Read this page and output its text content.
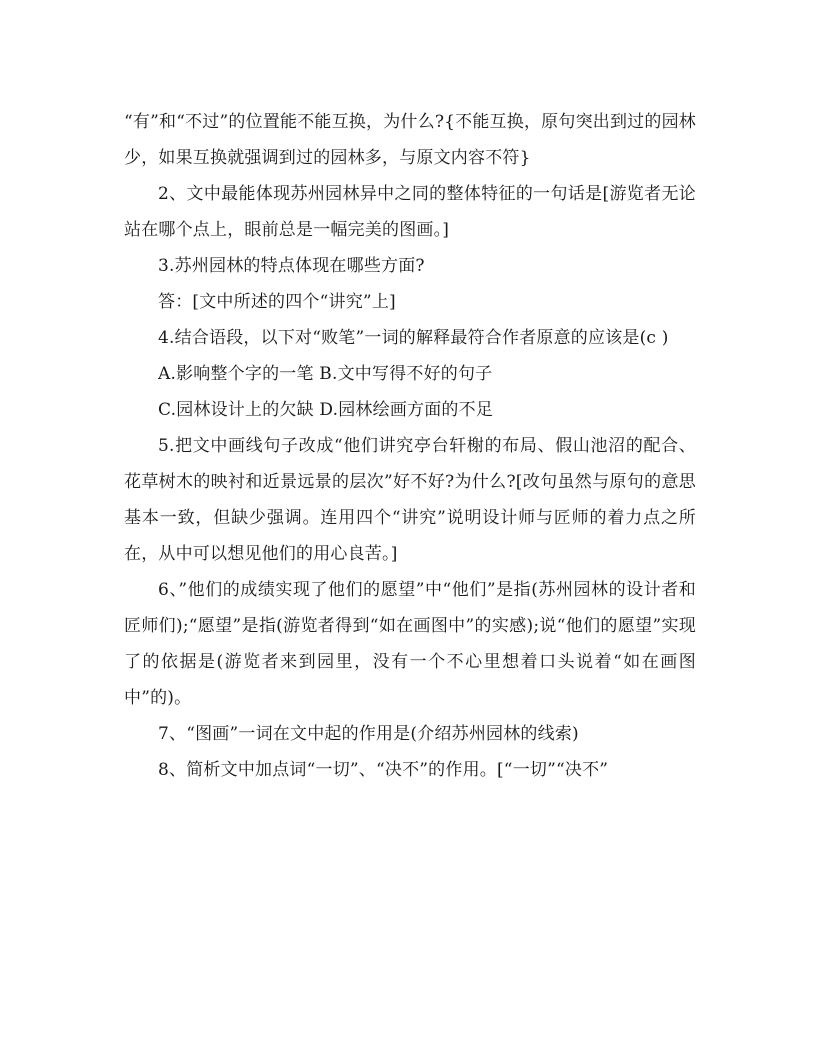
“有”和“不过”的位置能不能互换，为什么?{不能互换，原句突出到过的园林少，如果互换就强调到过的园林多，与原文内容不符}

2、文中最能体现苏州园林异中之同的整体特征的一句话是[游览者无论站在哪个点上，眼前总是一幅完美的图画。]

3.苏州园林的特点体现在哪些方面?

答：[文中所述的四个“讲究”上]

4.结合语段，以下对“败笔”一词的解释最符合作者原意的应该是(c )

A.影响整个字的一笔 B.文中写得不好的句子

C.园林设计上的欠缺 D.园林绘画方面的不足

5.把文中画线句子改成“他们讲究亭台轩榭的布局、假山池沼的配合、花草树木的映衬和近景远景的层次”好不好?为什么?[改句虽然与原句的意思基本一致，但缺少强调。连用四个“讲究”说明设计师与匠师的着力点之所在，从中可以想见他们的用心良苦。]

6、”他们的成绩实现了他们的愿望”中“他们”是指(苏州园林的设计者和匠师们);“愿望”是指(游览者得到“如在画图中”的实感);说“他们的愿望”实现了的依据是(游览者来到园里，没有一个不心里想着口头说着“如在画图中”的)。

7、“图画”一词在文中起的作用是(介绍苏州园林的线索)

8、简析文中加点词“一切”、“决不”的作用。[“一切”“决不”
